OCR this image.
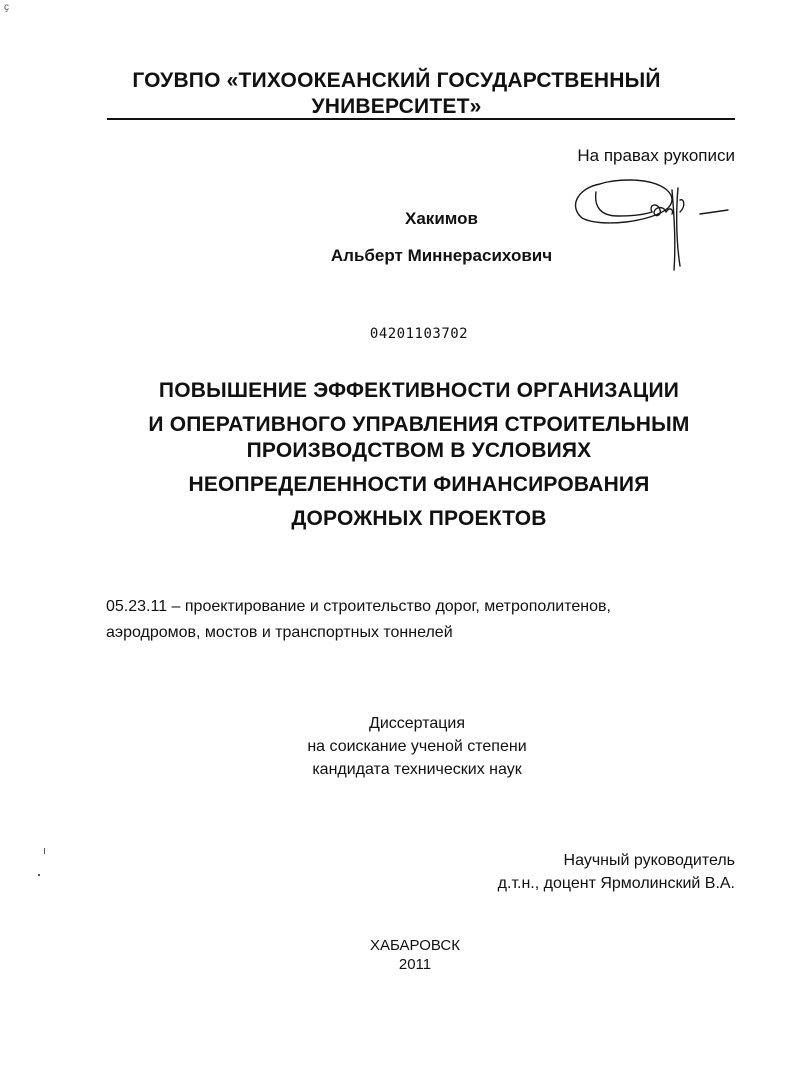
ҫ
ГОУВПО «ТИХООКЕАНСКИЙ ГОСУДАРСТВЕННЫЙ
УНИВЕРСИТЕТ»
На правах рукописи
Хакимов
Альберт Миннерасихович
04201103702
ПОВЫШЕНИЕ ЭФФЕКТИВНОСТИ ОРГАНИЗАЦИИ
И ОПЕРАТИВНОГО УПРАВЛЕНИЯ СТРОИТЕЛЬНЫМ
ПРОИЗВОДСТВОМ В УСЛОВИЯХ
НЕОПРЕДЕЛЕННОСТИ ФИНАНСИРОВАНИЯ
ДОРОЖНЫХ ПРОЕКТОВ
05.23.11 – проектирование и строительство дорог, метрополитенов,
аэродромов, мостов и транспортных тоннелей
Диссертация
на соискание ученой степени
кандидата технических наук
Научный руководитель
д.т.н., доцент Ярмолинский В.А.
ХАБАРОВСК
2011
